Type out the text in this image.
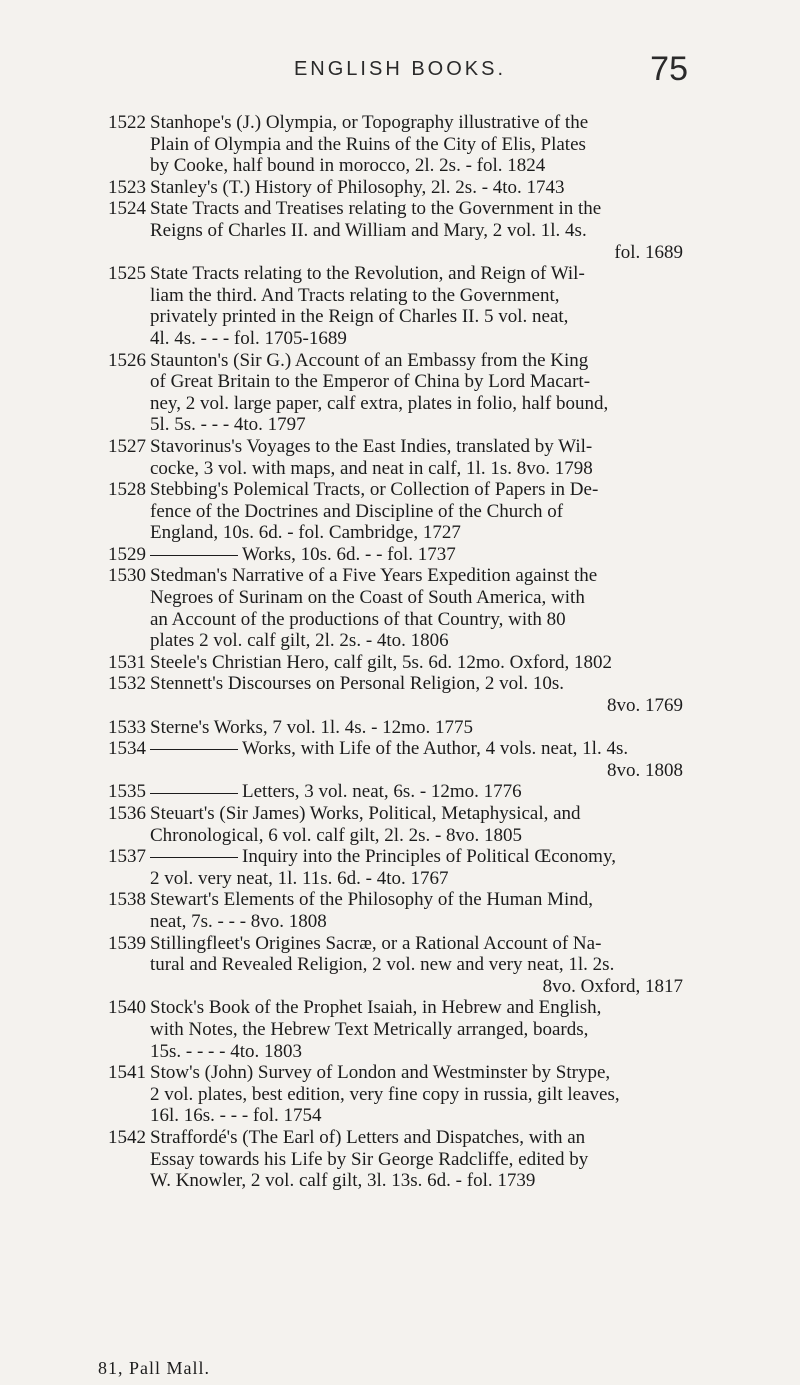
ENGLISH BOOKS.	75
1522 Stanhope's (J.) Olympia, or Topography illustrative of the
Plain of Olympia and the Ruins of the City of Elis, Plates
by Cooke, half bound in morocco, 2l. 2s. - fol. 1824
1523 Stanley's (T.) History of Philosophy, 2l. 2s. - 4to. 1743
1524 State Tracts and Treatises relating to the Government in the
Reigns of Charles II. and William and Mary, 2 vol. 1l. 4s.
fol. 1689
1525 State Tracts relating to the Revolution, and Reign of Wil-
liam the third. And Tracts relating to the Government,
privately printed in the Reign of Charles II. 5 vol. neat,
4l. 4s. - - - fol. 1705-1689
1526 Staunton's (Sir G.) Account of an Embassy from the King
of Great Britain to the Emperor of China by Lord Macart-
ney, 2 vol. large paper, calf extra, plates in folio, half bound,
5l. 5s. - - - 4to. 1797
1527 Stavorinus's Voyages to the East Indies, translated by Wil-
cocke, 3 vol. with maps, and neat in calf, 1l. 1s. 8vo. 1798
1528 Stebbing's Polemical Tracts, or Collection of Papers in De-
fence of the Doctrines and Discipline of the Church of
England, 10s. 6d. - fol. Cambridge, 1727
1529	Works, 10s. 6d. - - fol. 1737
1530 Stedman's Narrative of a Five Years Expedition against the
Negroes of Surinam on the Coast of South America, with
an Account of the productions of that Country, with 80
plates 2 vol. calf gilt, 2l. 2s. - 4to. 1806
1531 Steele's Christian Hero, calf gilt, 5s. 6d. 12mo. Oxford, 1802
1532 Stennett's Discourses on Personal Religion, 2 vol. 10s.
8vo. 1769
1533 Sterne's Works, 7 vol. 1l. 4s. - 12mo. 1775
1534	Works, with Life of the Author, 4 vols. neat, 1l. 4s.
8vo. 1808
1535	Letters, 3 vol. neat, 6s. - 12mo. 1776
1536 Steuart's (Sir James) Works, Political, Metaphysical, and
Chronological, 6 vol. calf gilt, 2l. 2s. - 8vo. 1805
1537	Inquiry into the Principles of Political Œconomy,
2 vol. very neat, 1l. 11s. 6d. - 4to. 1767
1538 Stewart's Elements of the Philosophy of the Human Mind,
neat, 7s. - - - 8vo. 1808
1539 Stillingfleet's Origines Sacræ, or a Rational Account of Na-
tural and Revealed Religion, 2 vol. new and very neat, 1l. 2s.
8vo. Oxford, 1817
1540 Stock's Book of the Prophet Isaiah, in Hebrew and English,
with Notes, the Hebrew Text Metrically arranged, boards,
15s. - - - - 4to. 1803
1541 Stow's (John) Survey of London and Westminster by Strype,
2 vol. plates, best edition, very fine copy in russia, gilt leaves,
16l. 16s. - - - fol. 1754
1542 Straffordé's (The Earl of) Letters and Dispatches, with an
Essay towards his Life by Sir George Radcliffe, edited by
W. Knowler, 2 vol. calf gilt, 3l. 13s. 6d. - fol. 1739
81, Pall Mall.
